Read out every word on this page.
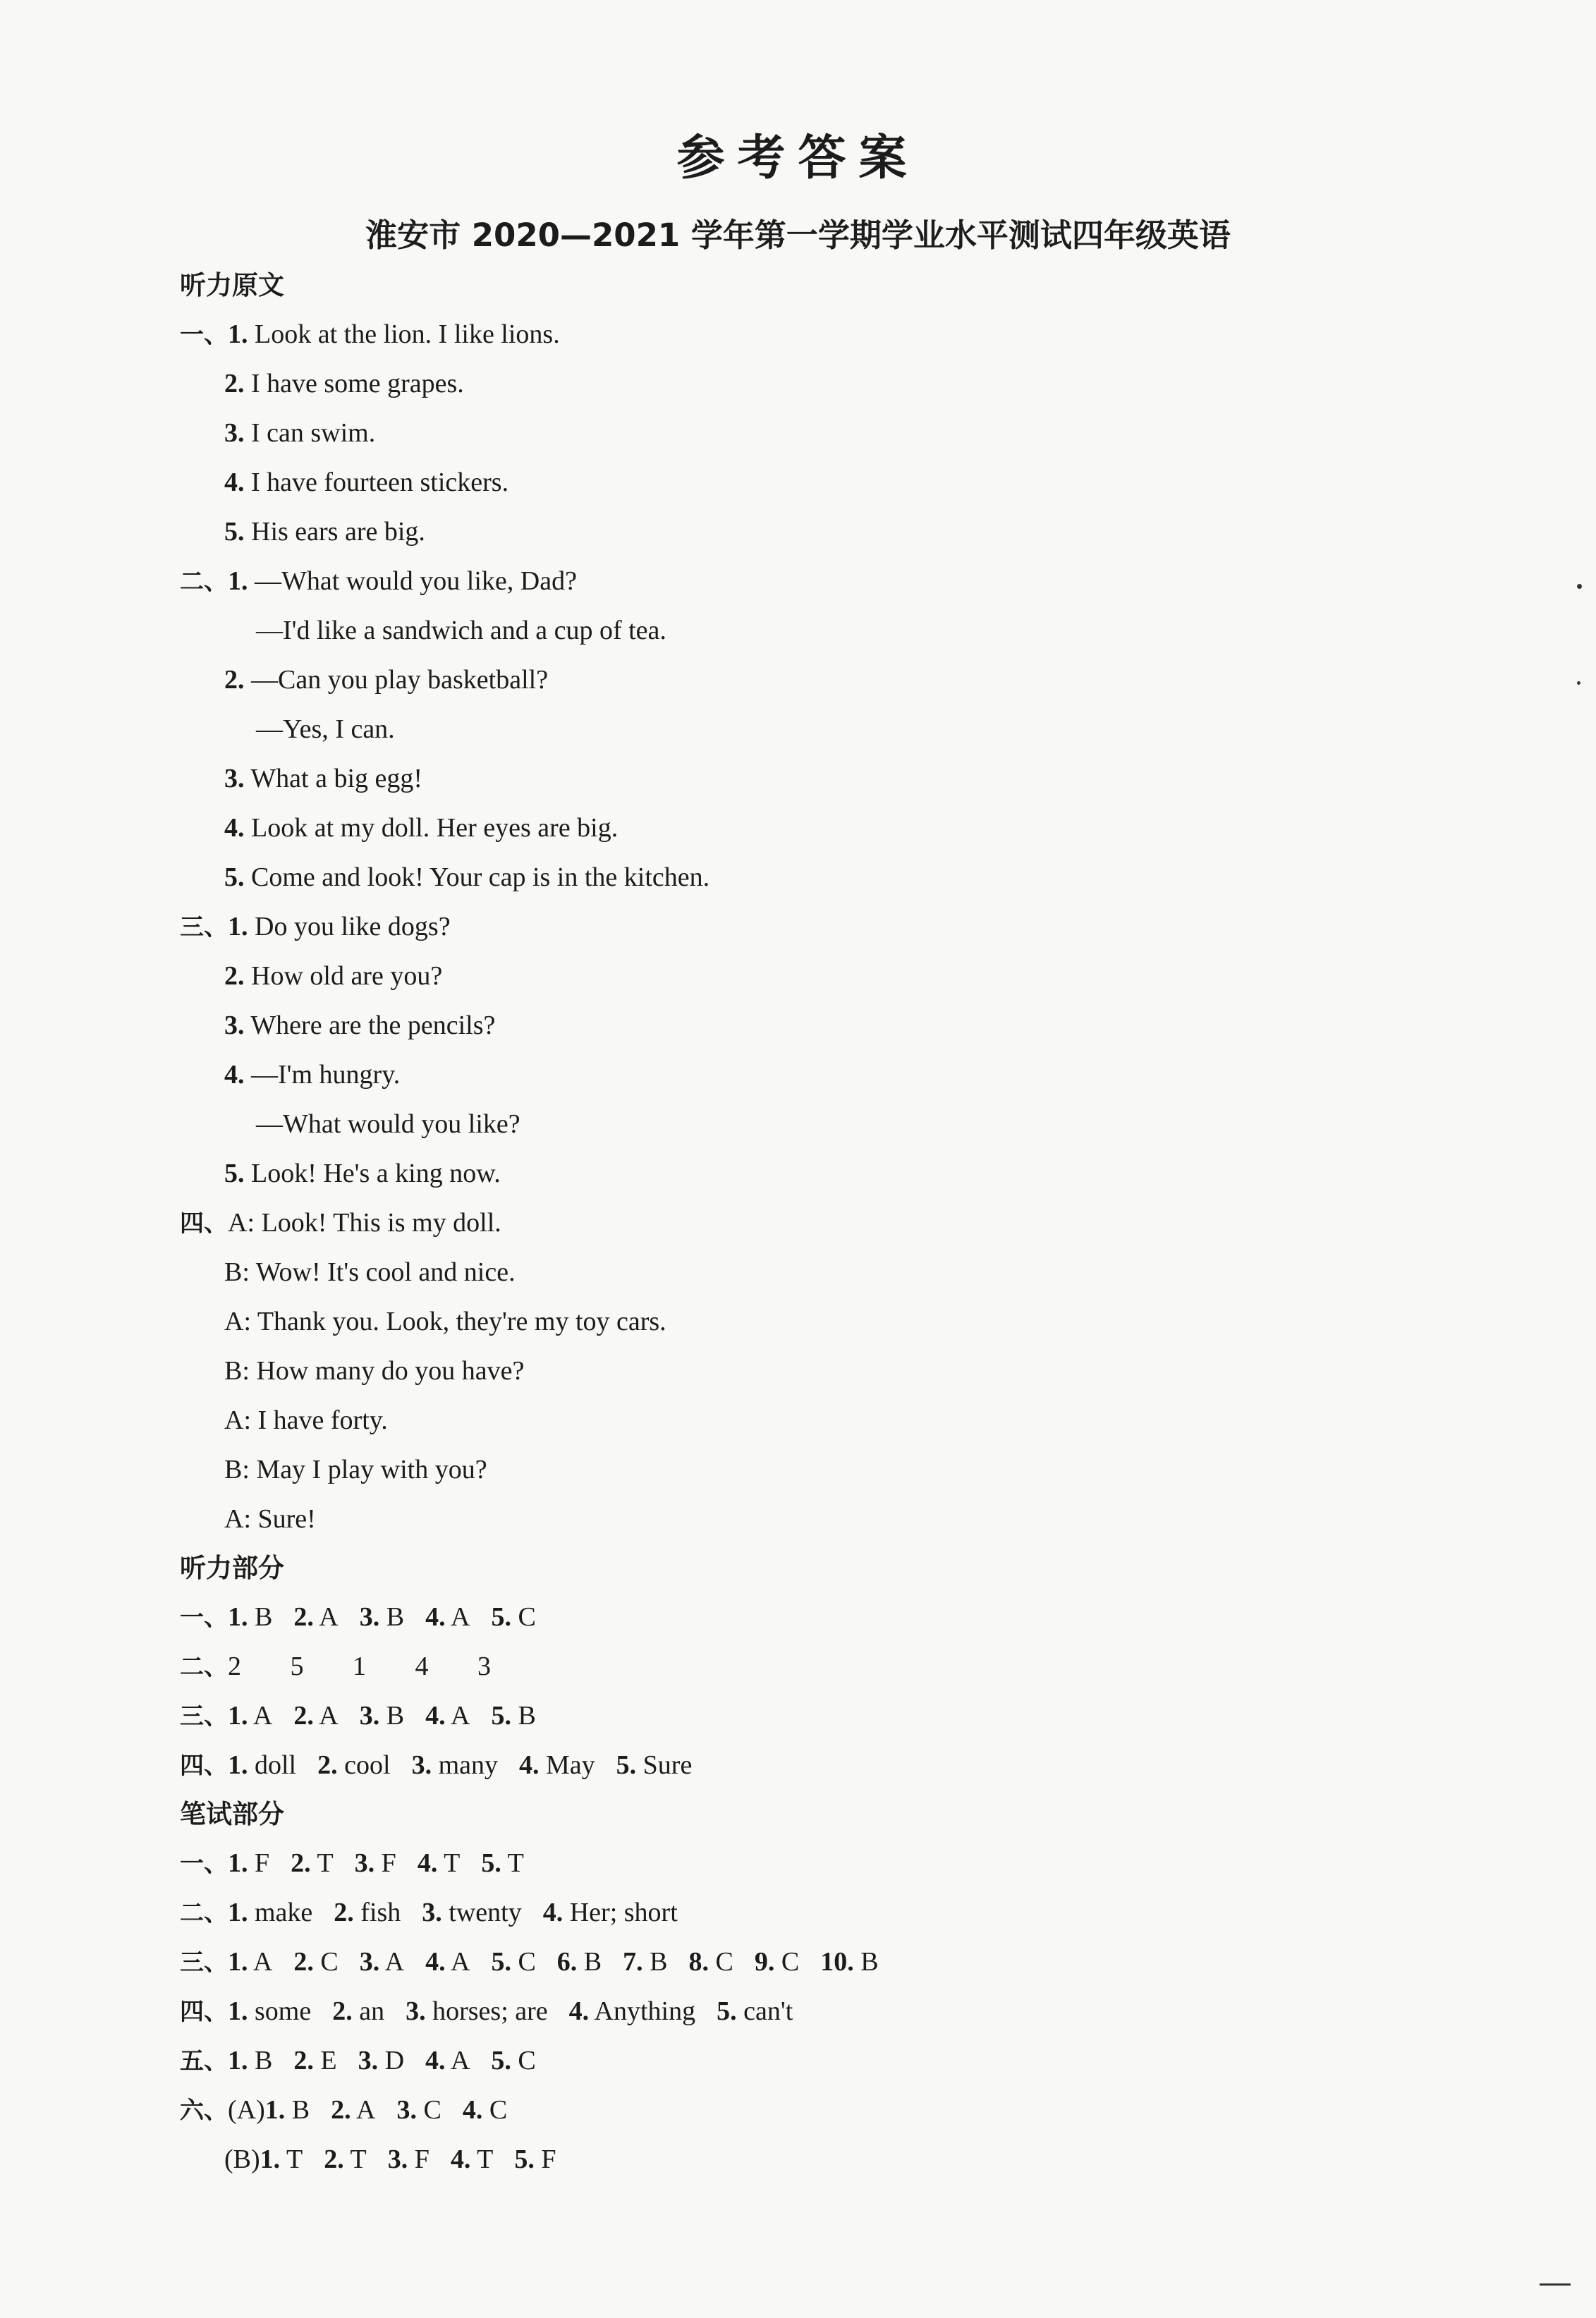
参考答案
淮安市 2020—2021 学年第一学期学业水平测试四年级英语
听力原文
一、1. Look at the lion. I like lions.
2. I have some grapes.
3. I can swim.
4. I have fourteen stickers.
5. His ears are big.
二、1. —What would you like, Dad?
—I'd like a sandwich and a cup of tea.
2. —Can you play basketball?
—Yes, I can.
3. What a big egg!
4. Look at my doll. Her eyes are big.
5. Come and look! Your cap is in the kitchen.
三、1. Do you like dogs?
2. How old are you?
3. Where are the pencils?
4. —I'm hungry.
—What would you like?
5. Look! He's a king now.
四、A: Look! This is my doll.
B: Wow! It's cool and nice.
A: Thank you. Look, they're my toy cars.
B: How many do you have?
A: I have forty.
B: May I play with you?
A: Sure!
听力部分
一、1. B 2. A 3. B 4. A 5. C
二、2 5 1 4 3
三、1. A 2. A 3. B 4. A 5. B
四、1. doll 2. cool 3. many 4. May 5. Sure
笔试部分
一、1. F 2. T 3. F 4. T 5. T
二、1. make 2. fish 3. twenty 4. Her; short
三、1. A 2. C 3. A 4. A 5. C 6. B 7. B 8. C 9. C 10. B
四、1. some 2. an 3. horses; are 4. Anything 5. can't
五、1. B 2. E 3. D 4. A 5. C
六、(A)1. B 2. A 3. C 4. C
(B)1. T 2. T 3. F 4. T 5. F
